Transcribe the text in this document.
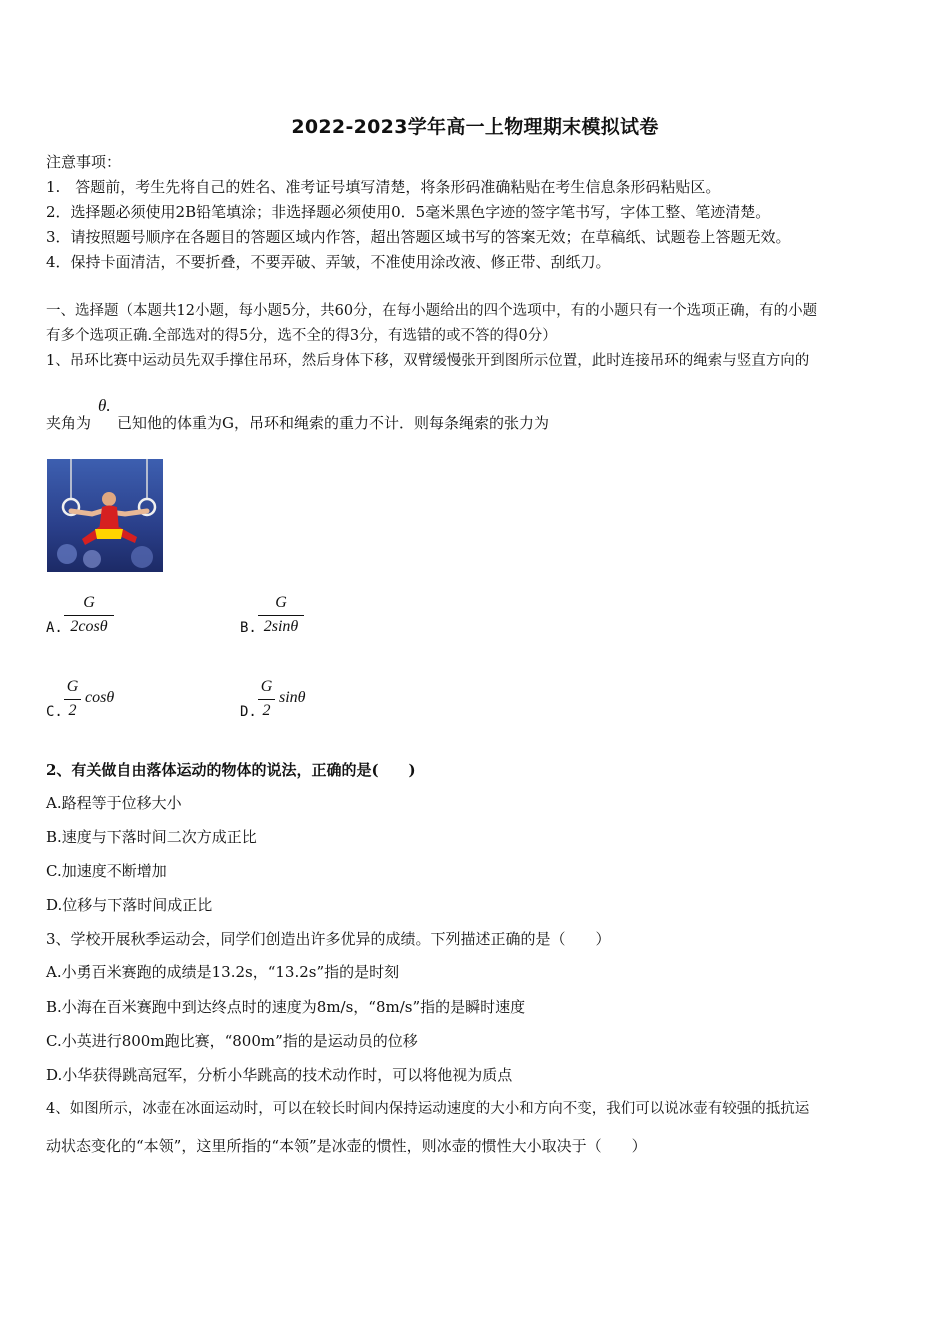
2022-2023学年高一上物理期末模拟试卷
注意事项：
1.　答题前，考生先将自己的姓名、准考证号填写清楚，将条形码准确粘贴在考生信息条形码粘贴区。
2．选择题必须使用2B铅笔填涂；非选择题必须使用0．5毫米黑色字迹的签字笔书写，字体工整、笔迹清楚。
3．请按照题号顺序在各题目的答题区域内作答，超出答题区域书写的答案无效；在草稿纸、试题卷上答题无效。
4．保持卡面清洁，不要折叠，不要弄破、弄皱，不准使用涂改液、修正带、刮纸刀。
一、选择题（本题共12小题，每小题5分，共60分，在每小题给出的四个选项中，有的小题只有一个选项正确，有的小题
有多个选项正确.全部选对的得5分，选不全的得3分，有选错的或不答的得0分）
1、吊环比赛中运动员先双手撑住吊环，然后身体下移，双臂缓慢张开到图所示位置，此时连接吊环的绳索与竖直方向的
夹角为
θ.
已知他的体重为G，吊环和绳索的重力不计．则每条绳索的张力为
A.
G
2cosθ	B.
G
2sinθ
C.
G
2
cosθ
D.
G
2
sinθ
2、有关做自由落体运动的物体的说法，正确的是(　　)
A.路程等于位移大小
B.速度与下落时间二次方成正比
C.加速度不断增加
D.位移与下落时间成正比
3、学校开展秋季运动会，同学们创造出许多优异的成绩。下列描述正确的是（　　）
A.小勇百米赛跑的成绩是13.2s，“13.2s”指的是时刻
B.小海在百米赛跑中到达终点时的速度为8m/s，“8m/s”指的是瞬时速度
C.小英进行800m跑比赛，“800m”指的是运动员的位移
D.小华获得跳高冠军，分析小华跳高的技术动作时，可以将他视为质点
4、如图所示，冰壶在冰面运动时，可以在较长时间内保持运动速度的大小和方向不变，我们可以说冰壶有较强的抵抗运
动状态变化的“本领”，这里所指的“本领”是冰壶的惯性，则冰壶的惯性大小取决于（　　）
